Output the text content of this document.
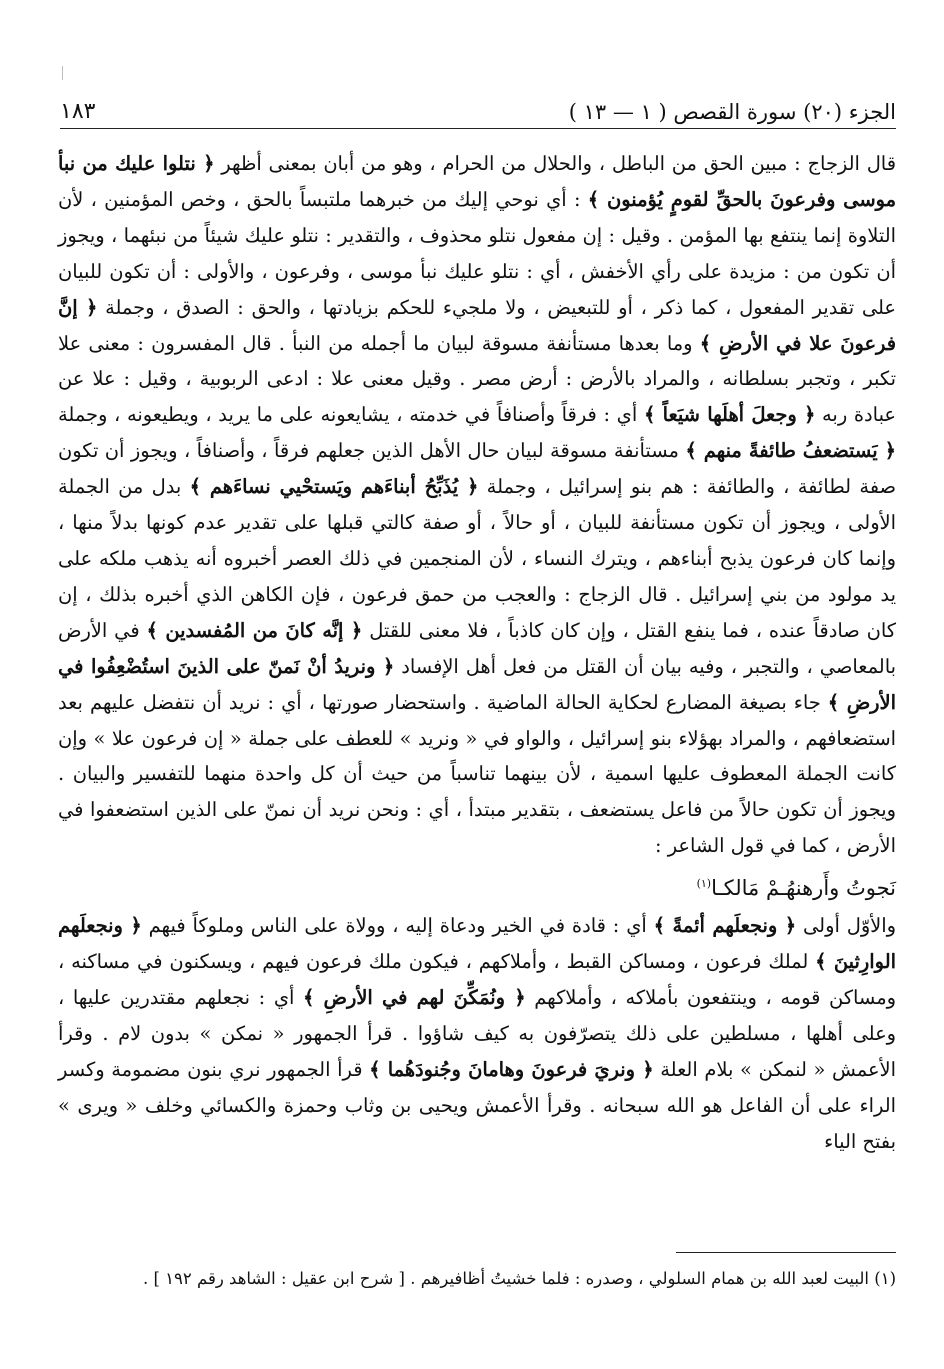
الجزء (٢٠) سورة القصص ( ١ — ١٣ )
١٨٣

قال الزجاج : مبين الحق من الباطل ، والحلال من الحرام ، وهو من أبان بمعنى أظهر ﴿ نتلوا عليك من نبأ موسى وفرعونَ بالحقِّ لقومٍ يُؤمنون ﴾ : أي نوحي إليك من خبرهما ملتبساً بالحق ، وخص المؤمنين ، لأن التلاوة إنما ينتفع بها المؤمن . وقيل : إن مفعول نتلو محذوف ، والتقدير : نتلو عليك شيئاً من نبئهما ، ويجوز أن تكون من : مزيدة على رأي الأخفش ، أي : نتلو عليك نبأ موسى ، وفرعون ، والأولى : أن تكون للبيان على تقدير المفعول ، كما ذكر ، أو للتبعيض ، ولا ملجيء للحكم بزيادتها ، والحق : الصدق ، وجملة ﴿ إنَّ فرعونَ علا في الأرضِ ﴾ وما بعدها مستأنفة مسوقة لبيان ما أجمله من النبأ . قال المفسرون : معنى علا تكبر ، وتجبر بسلطانه ، والمراد بالأرض : أرض مصر . وقيل معنى علا : ادعى الربوبية ، وقيل : علا عن عبادة ربه ﴿ وجعلَ أهلَها شيَعاً ﴾ أي : فرقاً وأصنافاً في خدمته ، يشايعونه على ما يريد ، ويطيعونه ، وجملة ﴿ يَستضعفُ طائفةً منهم ﴾ مستأنفة مسوقة لبيان حال الأهل الذين جعلهم فرقاً ، وأصنافاً ، ويجوز أن تكون صفة لطائفة ، والطائفة : هم بنو إسرائيل ، وجملة ﴿ يُذَبِّحُ أبناءَهم ويَستحْيي نساءَهم ﴾ بدل من الجملة الأولى ، ويجوز أن تكون مستأنفة للبيان ، أو حالاً ، أو صفة كالتي قبلها على تقدير عدم كونها بدلاً منها ، وإنما كان فرعون يذبح أبناءهم ، ويترك النساء ، لأن المنجمين في ذلك العصر أخبروه أنه يذهب ملكه على يد مولود من بني إسرائيل . قال الزجاج : والعجب من حمق فرعون ، فإن الكاهن الذي أخبره بذلك ، إن كان صادقاً عنده ، فما ينفع القتل ، وإن كان كاذباً ، فلا معنى للقتل ﴿ إنَّه كانَ من المُفسدين ﴾ في الأرض بالمعاصي ، والتجبر ، وفيه بيان أن القتل من فعل أهل الإفساد ﴿ ونريدُ أنْ نَمنّ على الذينَ استُضْعِفُوا في الأرضِ ﴾ جاء بصيغة المضارع لحكاية الحالة الماضية . واستحضار صورتها ، أي : نريد أن نتفضل عليهم بعد استضعافهم ، والمراد بهؤلاء بنو إسرائيل ، والواو في « ونريد » للعطف على جملة « إن فرعون علا » وإن كانت الجملة المعطوف عليها اسمية ، لأن بينهما تناسباً من حيث أن كل واحدة منهما للتفسير والبيان . ويجوز أن تكون حالاً من فاعل يستضعف ، بتقدير مبتدأ ، أي : ونحن نريد أن نمنّ على الذين استضعفوا في الأرض ، كما في قول الشاعر :

نَجوتُ وأَرهنهُـمْ مَالكـا$^{(١)}$

والأوّل أولى ﴿ ونجعلَهم أئمةً ﴾ أي : قادة في الخير ودعاة إليه ، وولاة على الناس وملوكاً فيهم ﴿ ونجعلَهم الوارِثينَ ﴾ لملك فرعون ، ومساكن القبط ، وأملاكهم ، فيكون ملك فرعون فيهم ، ويسكنون في مساكنه ، ومساكن قومه ، وينتفعون بأملاكه ، وأملاكهم ﴿ ونُمَكِّنَ لهم في الأرضِ ﴾ أي : نجعلهم مقتدرين عليها ، وعلى أهلها ، مسلطين على ذلك يتصرّفون به كيف شاؤوا . قرأ الجمهور « نمكن » بدون لام . وقرأ الأعمش « لنمكن » بلام العلة ﴿ ونريَ فرعونَ وهامانَ وجُنودَهُما ﴾ قرأ الجمهور نري بنون مضمومة وكسر الراء على أن الفاعل هو الله سبحانه . وقرأ الأعمش ويحيى بن وثاب وحمزة والكسائي وخلف « ويرى » بفتح الياء

(١) البيت لعبد الله بن همام السلولي ، وصدره : فلما خشيتُ أظافيرهم . [ شرح ابن عقيل : الشاهد رقم ١٩٢ ] .
